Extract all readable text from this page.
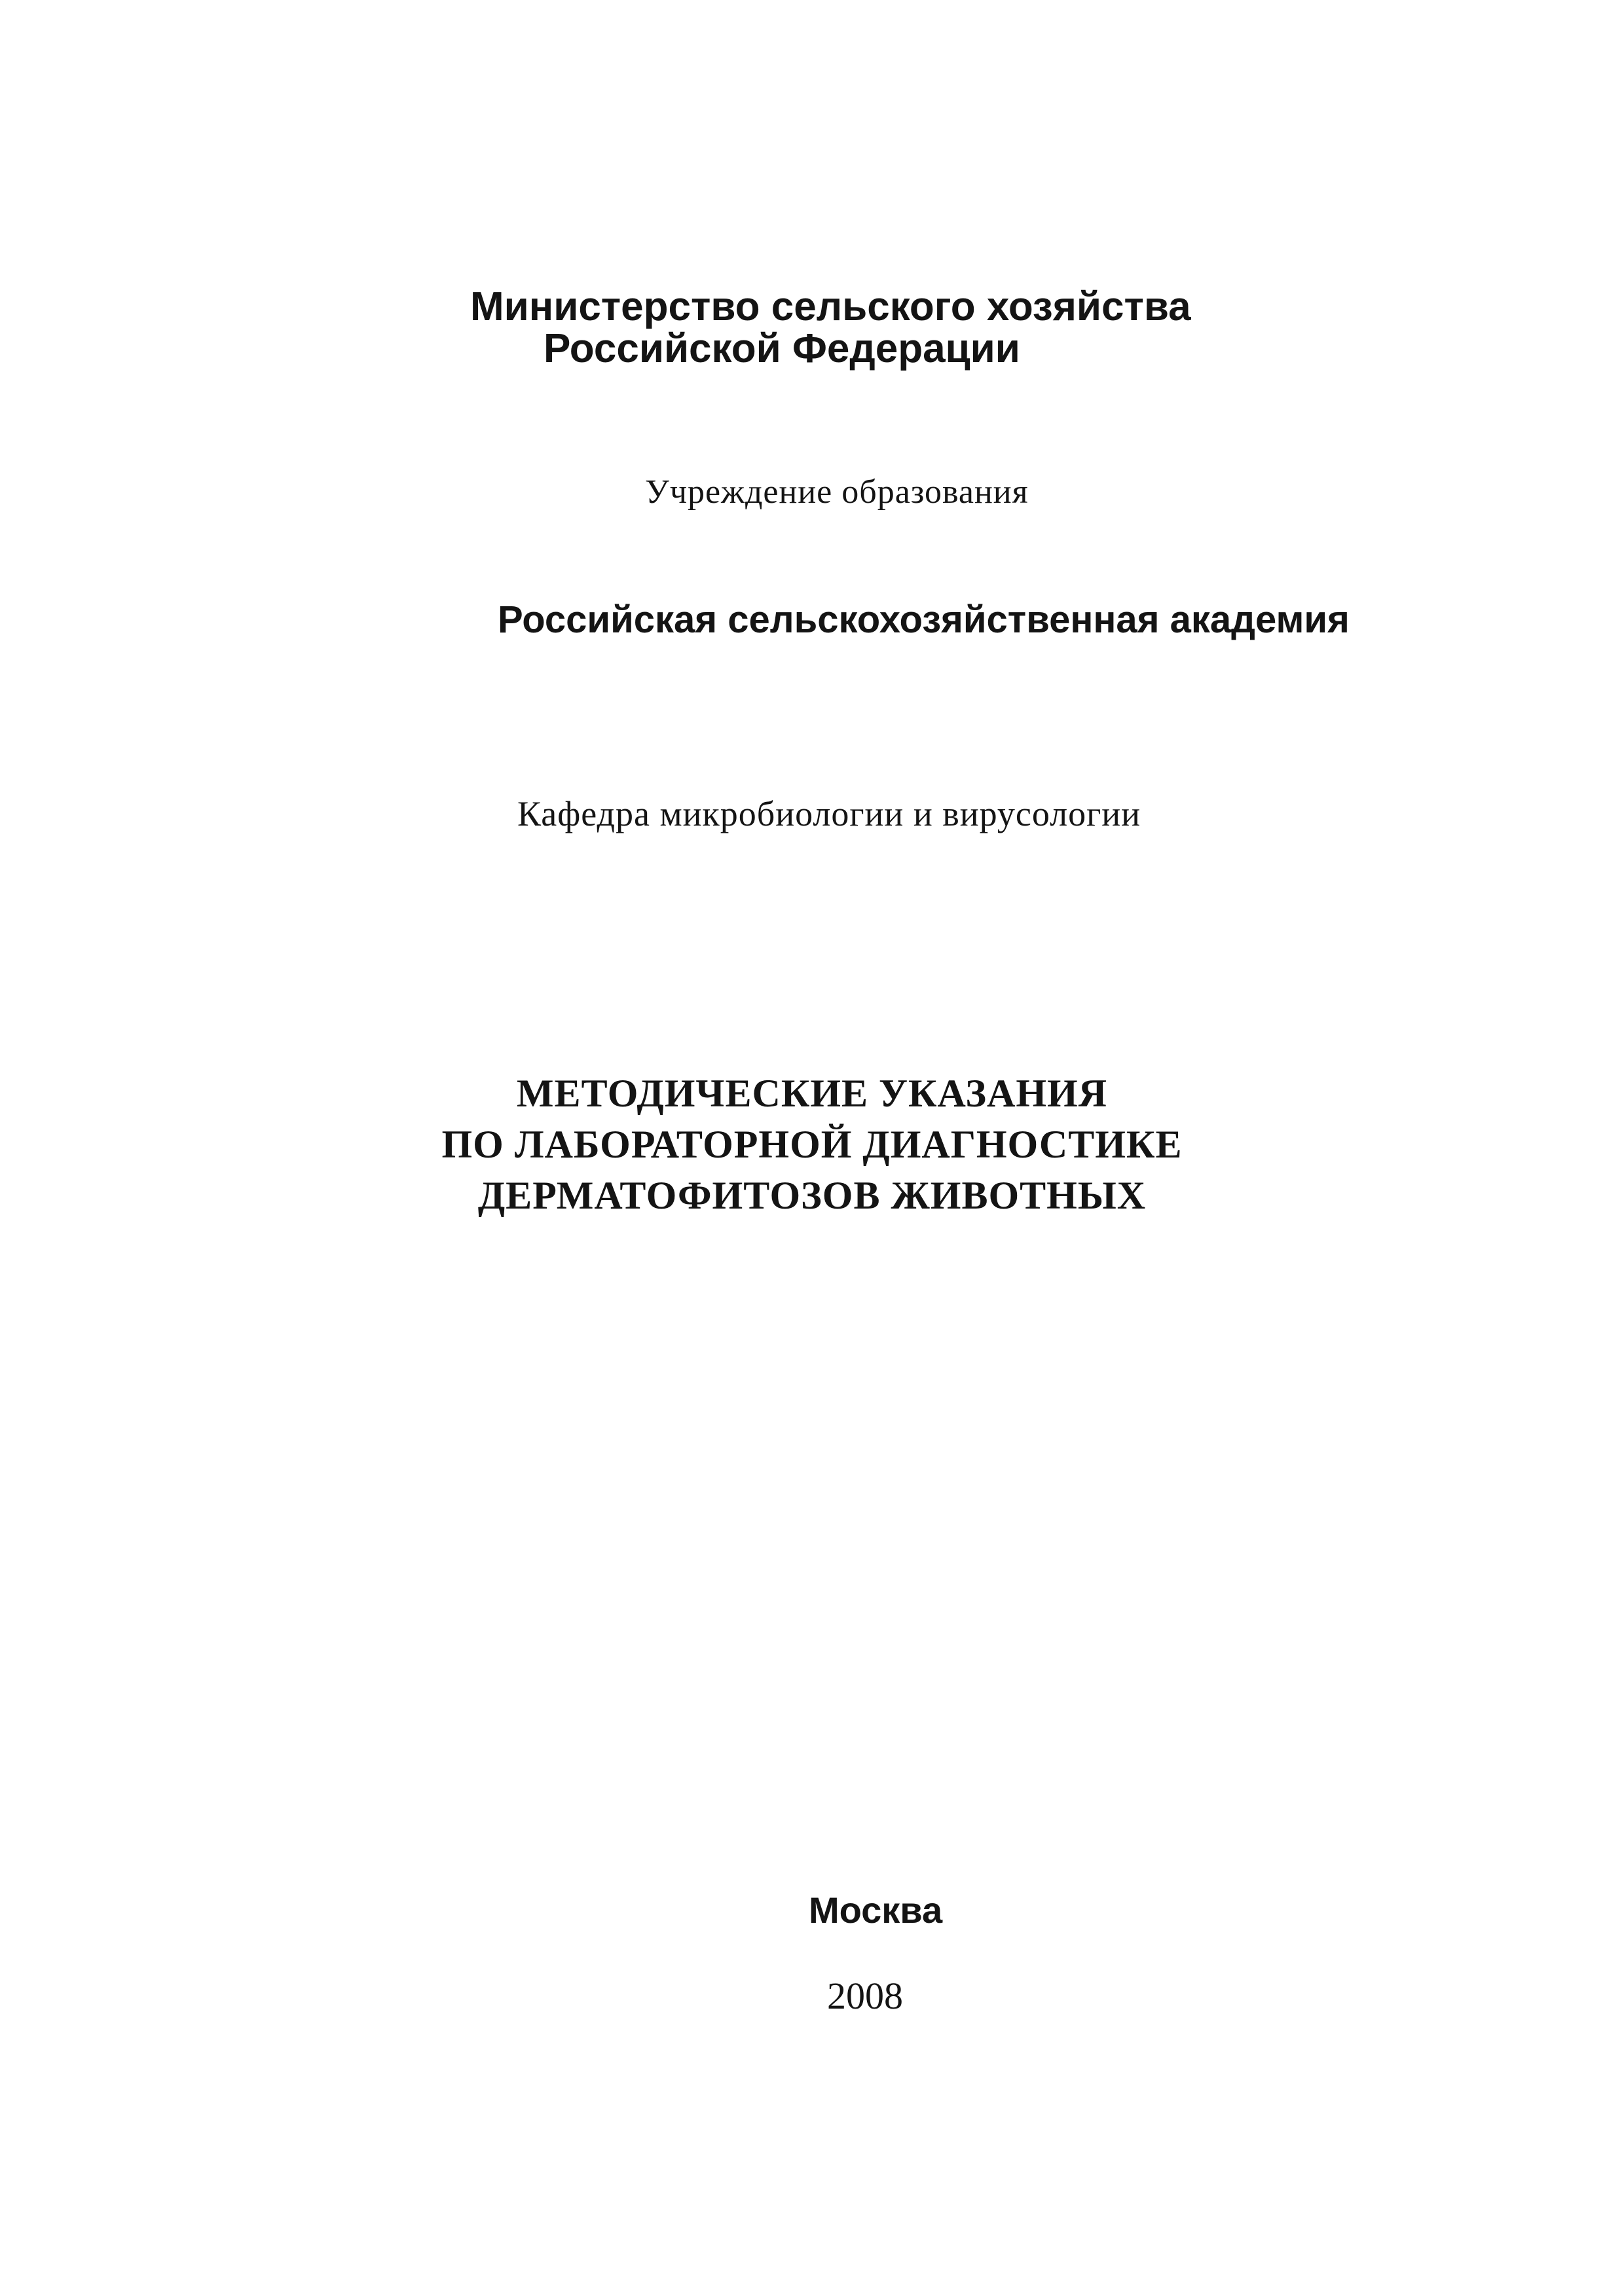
Министерство сельского хозяйства
Российской Федерации
Учреждение образования
Российская сельскохозяйственная академия
Кафедра микробиологии и вирусологии
МЕТОДИЧЕСКИЕ УКАЗАНИЯ
ПО ЛАБОРАТОРНОЙ ДИАГНОСТИКЕ
ДЕРМАТОФИТОЗОВ ЖИВОТНЫХ
Москва
2008
